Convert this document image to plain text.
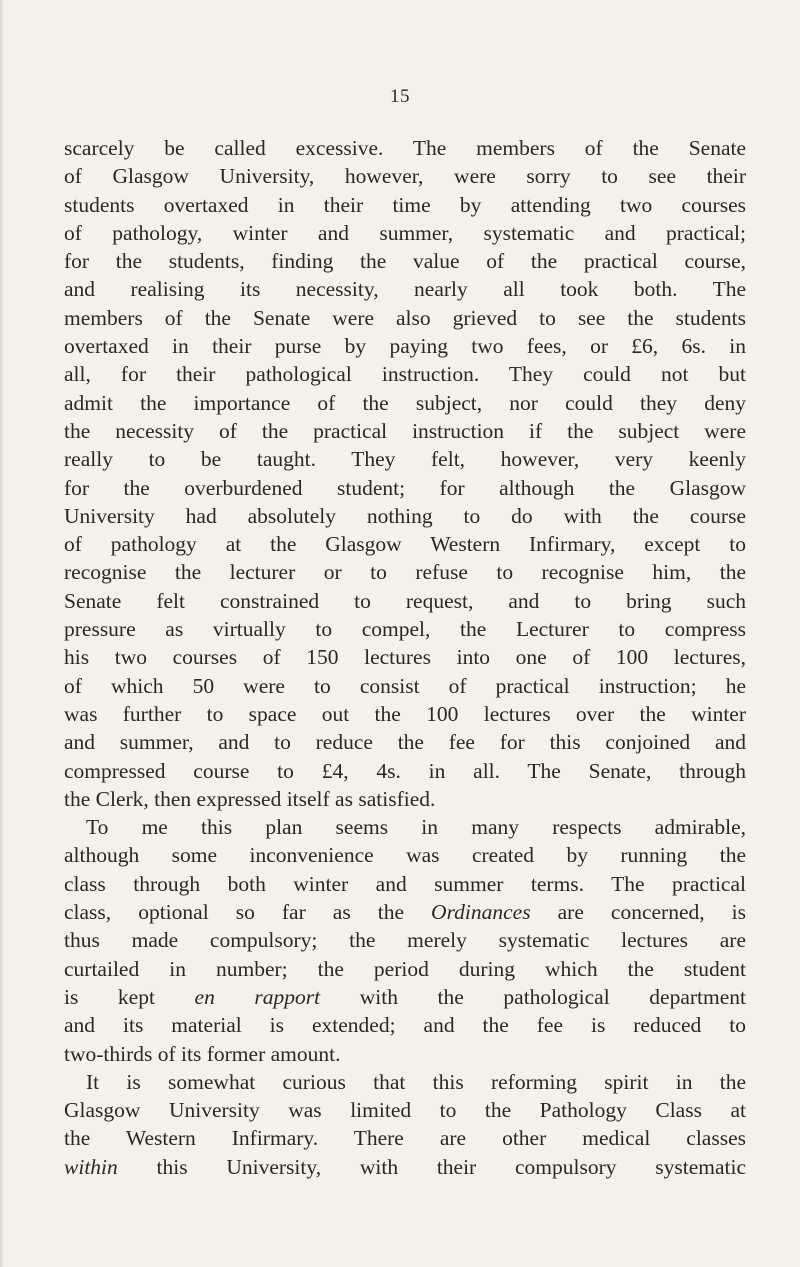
15
scarcely be called excessive. The members of the Senate
of Glasgow University, however, were sorry to see their
students overtaxed in their time by attending two courses
of pathology, winter and summer, systematic and practical;
for the students, finding the value of the practical course,
and realising its necessity, nearly all took both. The
members of the Senate were also grieved to see the students
overtaxed in their purse by paying two fees, or £6, 6s. in
all, for their pathological instruction. They could not but
admit the importance of the subject, nor could they deny
the necessity of the practical instruction if the subject were
really to be taught. They felt, however, very keenly
for the overburdened student; for although the Glasgow
University had absolutely nothing to do with the course
of pathology at the Glasgow Western Infirmary, except to
recognise the lecturer or to refuse to recognise him, the
Senate felt constrained to request, and to bring such
pressure as virtually to compel, the Lecturer to compress
his two courses of 150 lectures into one of 100 lectures,
of which 50 were to consist of practical instruction; he
was further to space out the 100 lectures over the winter
and summer, and to reduce the fee for this conjoined and
compressed course to £4, 4s. in all. The Senate, through
the Clerk, then expressed itself as satisfied.
To me this plan seems in many respects admirable,
although some inconvenience was created by running the
class through both winter and summer terms. The practical
class, optional so far as the Ordinances are concerned, is
thus made compulsory; the merely systematic lectures are
curtailed in number; the period during which the student
is kept en rapport with the pathological department
and its material is extended; and the fee is reduced to
two-thirds of its former amount.
It is somewhat curious that this reforming spirit in the
Glasgow University was limited to the Pathology Class at
the Western Infirmary. There are other medical classes
within this University, with their compulsory systematic
